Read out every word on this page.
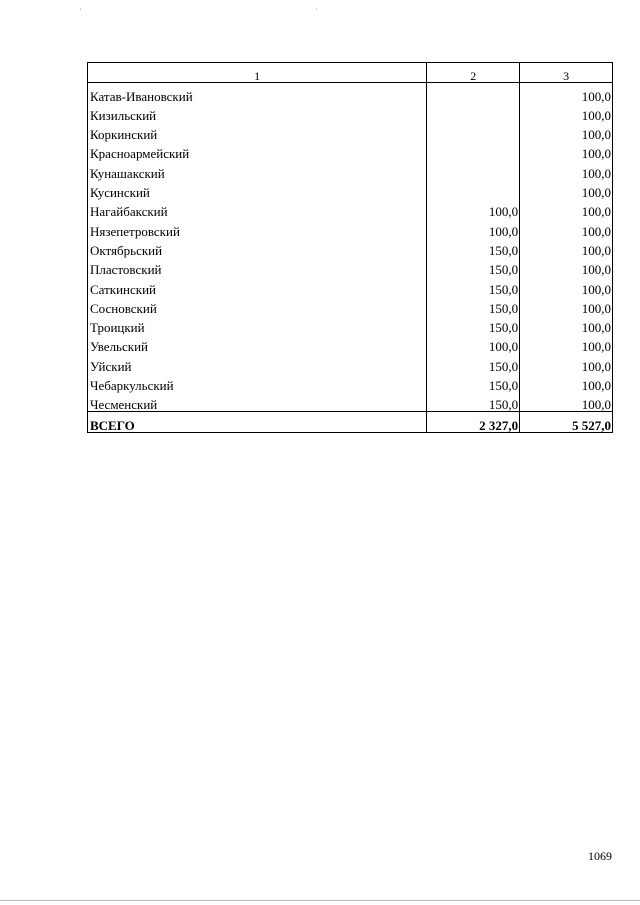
1	2	3
Катав-Ивановский		100,0
Кизильский		100,0
Коркинский		100,0
Красноармейский		100,0
Кунашакский		100,0
Кусинский		100,0
Нагайбакский	100,0	100,0
Нязепетровский	100,0	100,0
Октябрьский	150,0	100,0
Пластовский	150,0	100,0
Саткинский	150,0	100,0
Сосновский	150,0	100,0
Троицкий	150,0	100,0
Увельский	100,0	100,0
Уйский	150,0	100,0
Чебаркульский	150,0	100,0
Чесменский	150,0	100,0
ВСЕГО	2 327,0	5 527,0
1069
